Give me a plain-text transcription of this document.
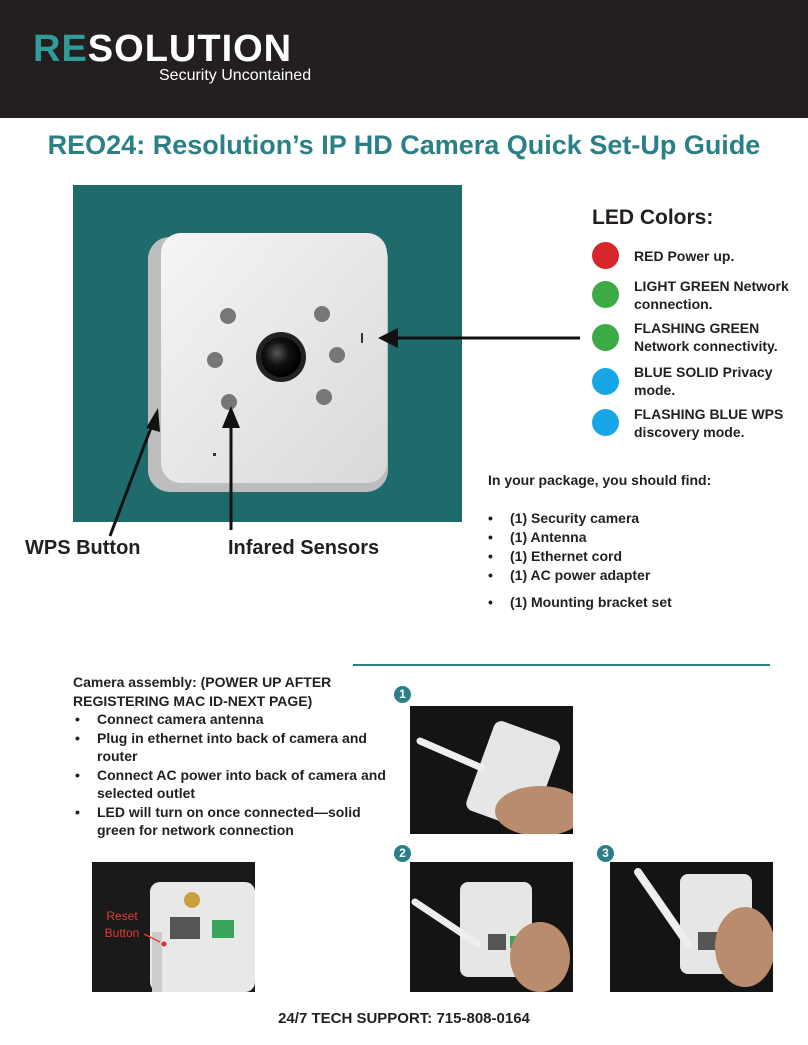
RESOLUTION
Security Uncontained
REO24: Resolution’s IP HD Camera Quick Set-Up Guide
WPS Button	Infared Sensors
LED Colors:
RED Power up.
LIGHT GREEN Network connection.
FLASHING GREEN Network connectivity.
BLUE SOLID Privacy mode.
FLASHING BLUE WPS discovery mode.
In your package, you should find:
• (1) Security camera
• (1) Antenna
• (1) Ethernet cord
• (1) AC power adapter
• (1) Mounting bracket set
Camera assembly: (POWER UP AFTER REGISTERING MAC ID-NEXT PAGE)
• Connect camera antenna
• Plug in ethernet into back of camera and router
• Connect AC power into back of camera and selected outlet
• LED will turn on once connected—solid green for network connection
Reset
Button
1
2	3
24/7 TECH SUPPORT: 715-808-0164
